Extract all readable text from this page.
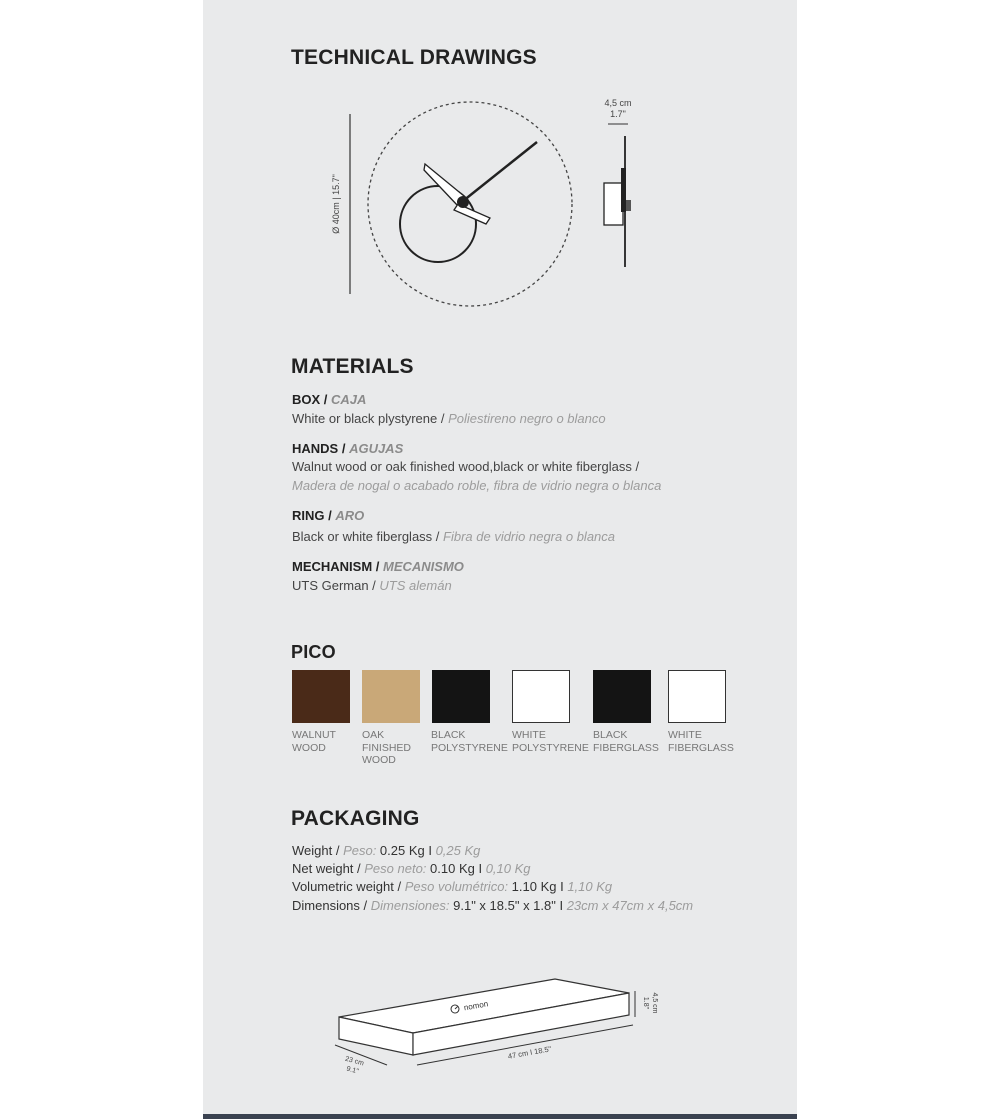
TECHNICAL DRAWINGS
Ø 40cm | 15.7"
4,5 cm
1.7"
MATERIALS
BOX / CAJA
White or black plystyrene / Poliestireno negro o blanco
HANDS / AGUJAS
Walnut wood or oak finished wood,black or white fiberglass /
Madera de nogal o acabado roble, fibra de vidrio negra o blanca
RING / ARO
Black or white fiberglass / Fibra de vidrio negra o blanca
MECHANISM / MECANISMO
UTS German / UTS alemán
PICO
WALNUT
WOOD
OAK
FINISHED
WOOD
BLACK
POLYSTYRENE
WHITE
POLYSTYRENE
BLACK
FIBERGLASS
WHITE
FIBERGLASS
PACKAGING
Weight / Peso: 0.25 Kg I 0,25 Kg
Net weight / Peso neto: 0.10 Kg I 0,10 Kg
Volumetric weight / Peso volumétrico: 1.10 Kg I 1,10 Kg
Dimensions / Dimensiones: 9.1" x 18.5" x 1.8" I 23cm x 47cm x 4,5cm
nomon
23 cm
9.1"
47 cm I 18.5"
4,5 cm
1.8"
